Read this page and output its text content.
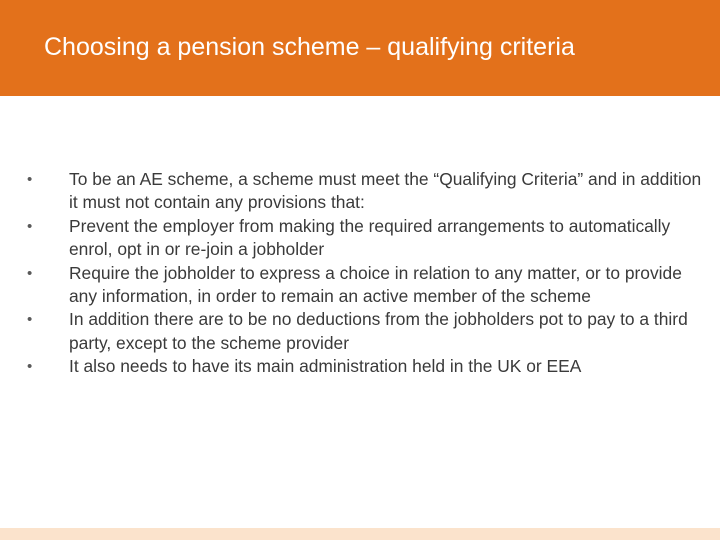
Choosing a pension scheme – qualifying criteria
• To be an AE scheme, a scheme must meet the “Qualifying Criteria” and in addition it must not contain any provisions that:
• Prevent the employer from making the required arrangements to automatically enrol, opt in or re-join a jobholder
• Require the jobholder to express a choice in relation to any matter, or to provide any information, in order to remain an active member of the scheme
• In addition there are to be no deductions from the jobholders pot to pay to a third party, except to the scheme provider
• It also needs to have its main administration held in the UK or EEA
